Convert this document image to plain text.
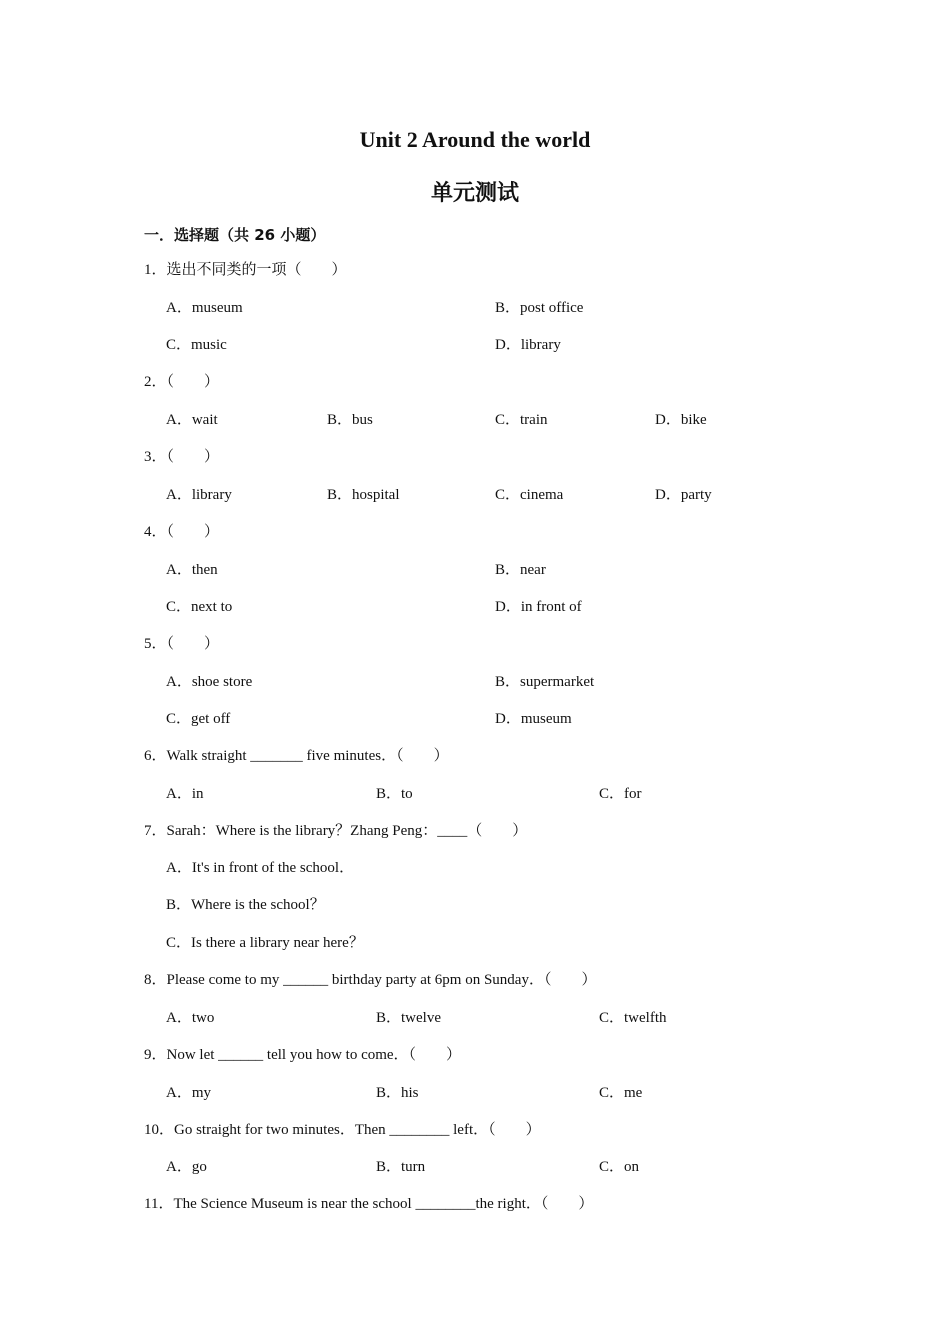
Unit 2 Around the world
单元测试
一．选择题（共 26 小题）
1．选出不同类的一项（　　）
A．museum	B．post office
C．music	D．library
2．（　　）
A．wait	B．bus	C．train	D．bike
3．（　　）
A．library	B．hospital	C．cinema	D．party
4．（　　）
A．then	B．near
C．next to	D．in front of
5．（　　）
A．shoe store	B．supermarket
C．get off	D．museum
6．Walk straight _______ five minutes．（　　）
A．in	B．to	C．for
7．Sarah：Where is the library？Zhang Peng：____（　　）
A．It's in front of the school．
B．Where is the school？
C．Is there a library near here？
8．Please come to my ______ birthday party at 6pm on Sunday．（　　）
A．two	B．twelve	C．twelfth
9．Now let ______ tell you how to come．（　　）
A．my	B．his	C．me
10．Go straight for two minutes．Then ________ left．（　　）
A．go	B．turn	C．on
11．The Science Museum is near the school ________the right．（　　）
